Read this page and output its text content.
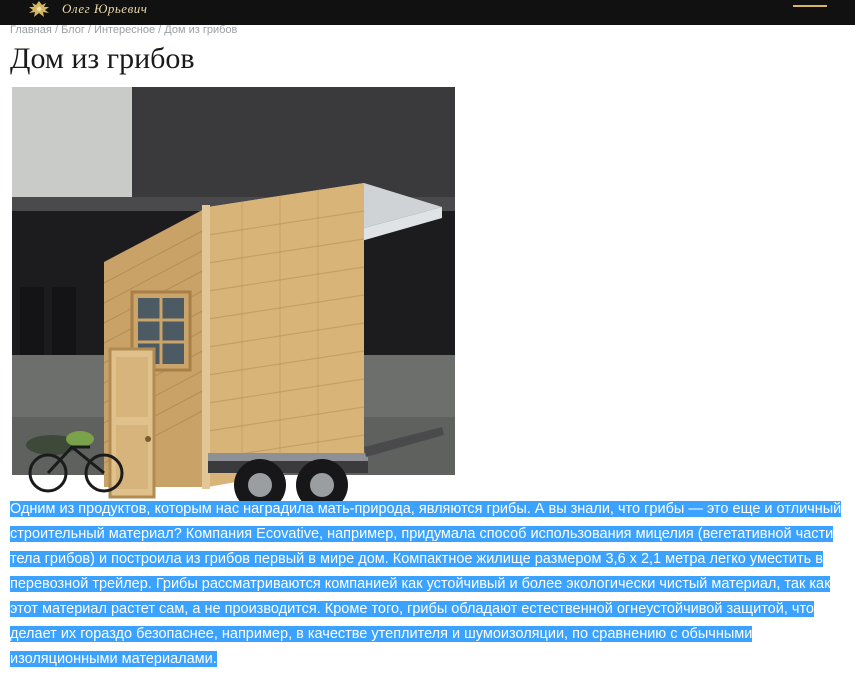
Олег Юрьевич
Главная / Блог / Интересное / Дом из грибов
Дом из грибов
Одним из продуктов, которым нас наградила мать-природа, являются грибы. А вы знали, что грибы — это еще и отличный строительный материал? Компания Ecovative, например, придумала способ использования мицелия (вегетативной части тела грибов) и построила из грибов первый в мире дом. Компактное жилище размером 3,6 х 2,1 метра легко уместить в перевозной трейлер. Грибы рассматриваются компанией как устойчивый и более экологически чистый материал, так как этот материал растет сам, а не производится. Кроме того, грибы обладают естественной огнеустойчивой защитой, что делает их гораздо безопаснее, например, в качестве утеплителя и шумоизоляции, по сравнению с обычными изоляционными материалами.
